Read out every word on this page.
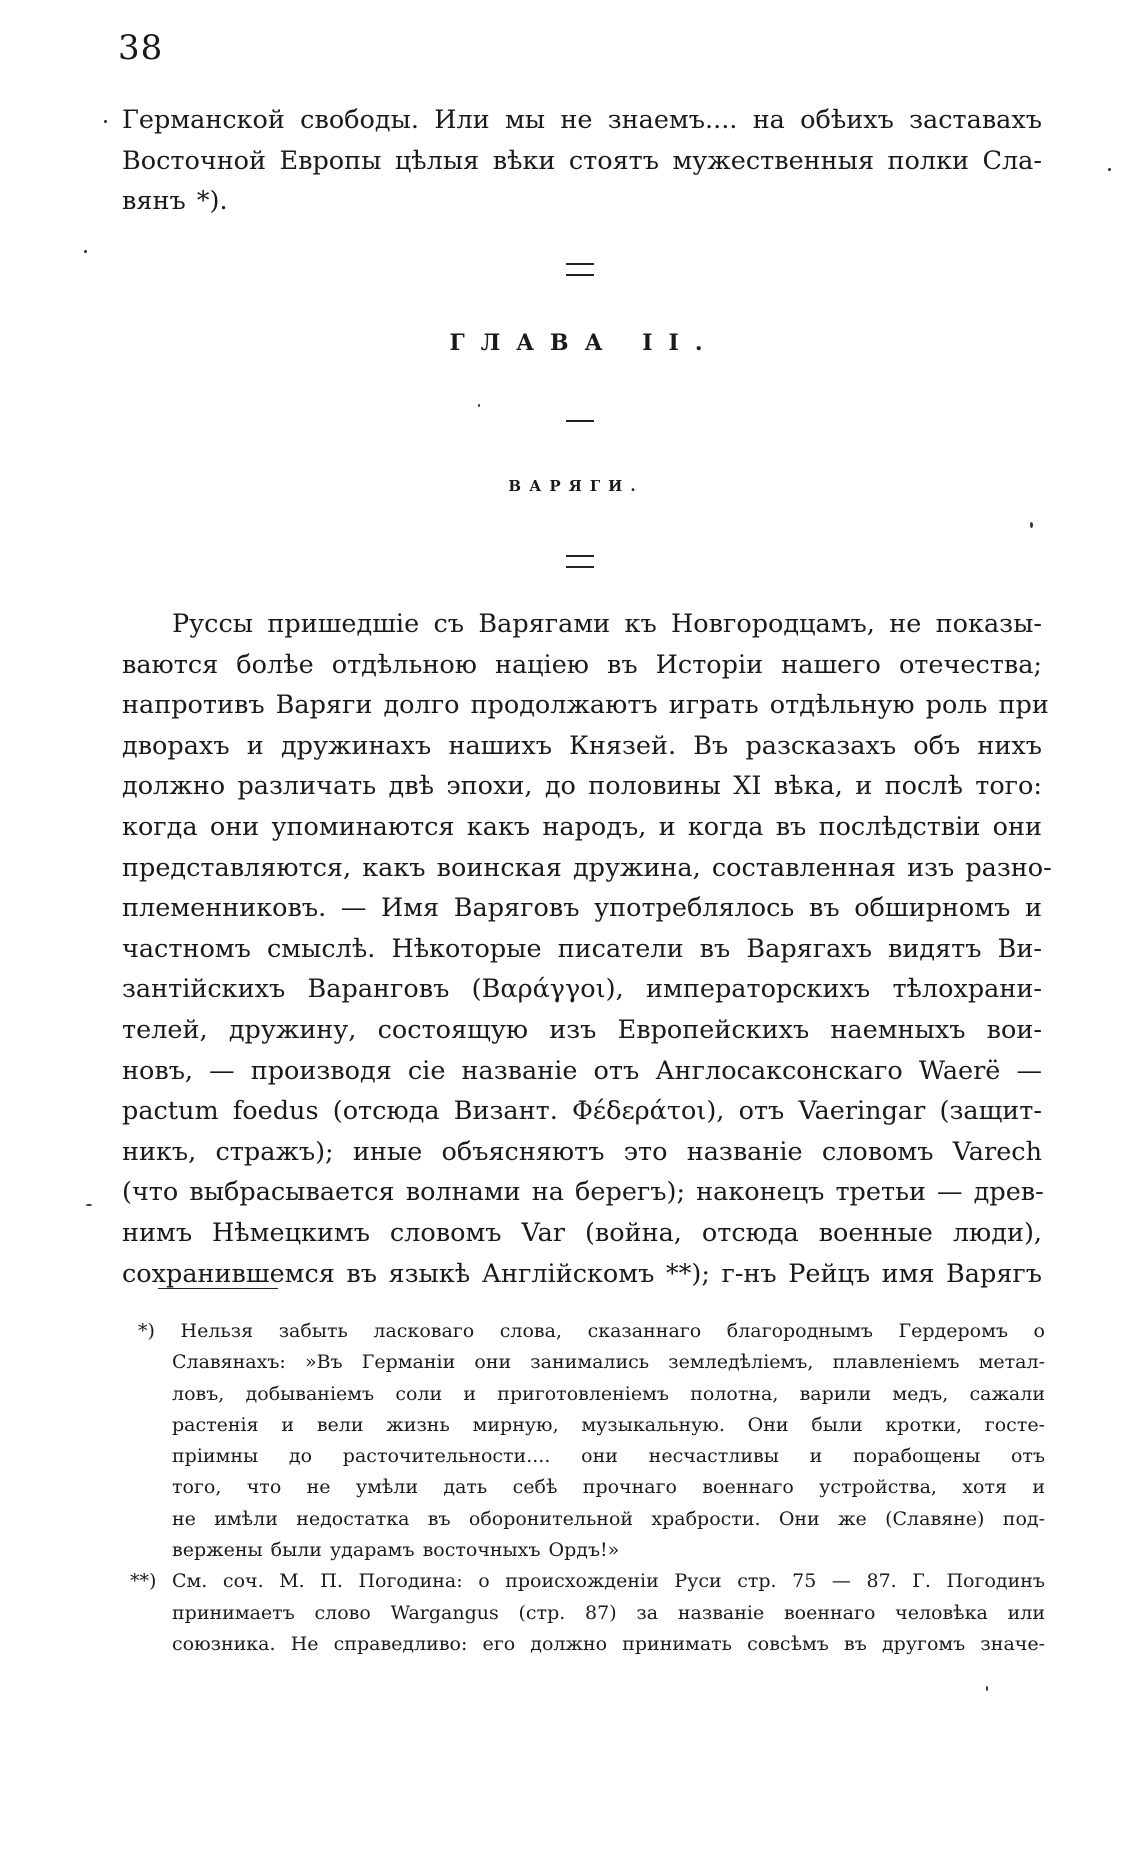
38
Германской свободы. Или мы не знаемъ.... на обѣихъ заставахъ
Восточной Европы цѣлыя вѣки стоятъ мужественныя полки Сла-
вянъ *).
ГЛАВА II.
ВАРЯГИ.
Руссы пришедшіе съ Варягами къ Новгородцамъ, не показы-
ваются болѣе отдѣльною націею въ Исторіи нашего отечества;
напротивъ Варяги долго продолжаютъ играть отдѣльную роль при
дворахъ и дружинахъ нашихъ Князей. Въ разсказахъ объ нихъ
должно различать двѣ эпохи, до половины XI вѣка, и послѣ того:
когда они упоминаются какъ народъ, и когда въ послѣдствіи они
представляются, какъ воинская дружина, составленная изъ разно-
племенниковъ. — Имя Варяговъ употреблялось въ обширномъ и
частномъ смыслѣ. Нѣкоторые писатели въ Варягахъ видятъ Ви-
зантійскихъ Варанговъ (Βαράγγοι), императорскихъ тѣлохрани-
телей, дружину, состоящую изъ Европейскихъ наемныхъ вои-
новъ, — производя сіе названіе отъ Англосаксонскаго Waerë —
pactum foedus (отсюда Визант. Φέδεράτοι), отъ Vaeringar (защит-
никъ, стражъ); иные объясняютъ это названіе словомъ Varech
(что выбрасывается волнами на берегъ); наконецъ третьи — древ-
нимъ Нѣмецкимъ словомъ Var (война, отсюда военные люди),
сохранившемся въ языкѣ Англійскомъ **); г-нъ Рейцъ имя Варягъ
*) Нельзя забыть ласковаго слова, сказаннаго благороднымъ Гердеромъ о
Славянахъ: »Въ Германіи они занимались земледѣліемъ, плавленіемъ метал-
ловъ, добываніемъ соли и приготовленіемъ полотна, варили медъ, сажали
растенія и вели жизнь мирную, музыкальную. Они были кротки, госте-
пріимны до расточительности.... они несчастливы и порабощены отъ
того, что не умѣли дать себѣ прочнаго военнаго устройства, хотя и
не имѣли недостатка въ оборонительной храбрости. Они же (Славяне) под-
вержены были ударамъ восточныхъ Ордъ!»
**) См. соч. М. П. Погодина: о происхожденіи Руси стр. 75 — 87. Г. Погодинъ
принимаетъ слово Wargangus (стр. 87) за названіе военнаго человѣка или
союзника. Не справедливо: его должно принимать совсѣмъ въ другомъ значе-
